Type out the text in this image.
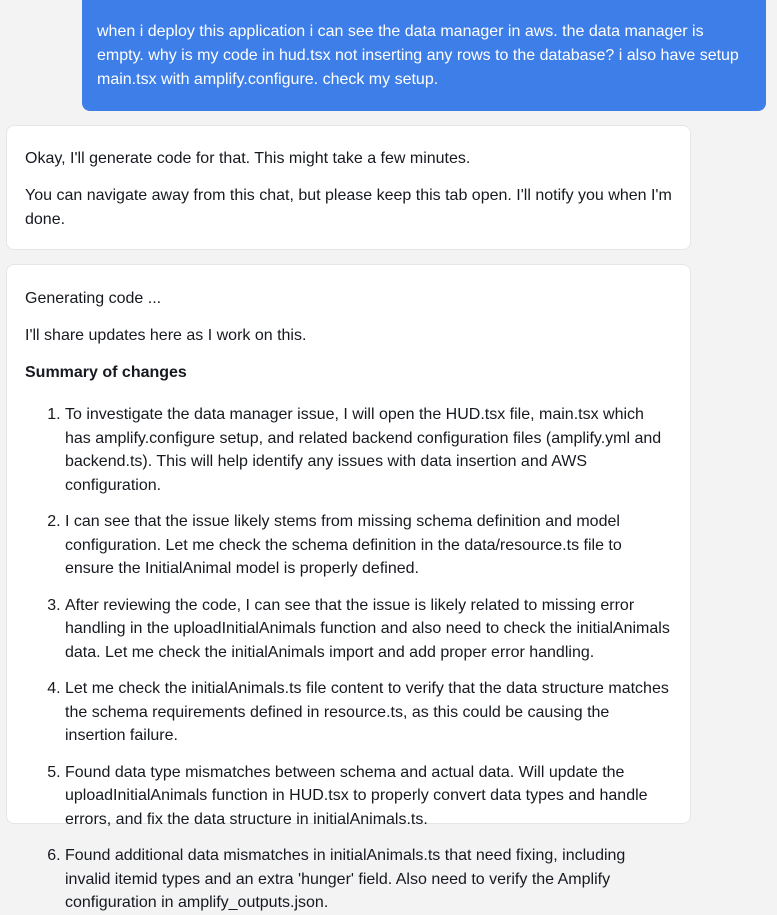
when i deploy this application i can see the data manager in aws. the data manager is empty. why is my code in hud.tsx not inserting any rows to the database? i also have setup main.tsx with amplify.configure. check my setup.

Okay, I'll generate code for that. This might take a few minutes.

You can navigate away from this chat, but please keep this tab open. I'll notify you when I'm done.

Generating code ...

I'll share updates here as I work on this.

Summary of changes

1. To investigate the data manager issue, I will open the HUD.tsx file, main.tsx which has amplify.configure setup, and related backend configuration files (amplify.yml and backend.ts). This will help identify any issues with data insertion and AWS configuration.
2. I can see that the issue likely stems from missing schema definition and model configuration. Let me check the schema definition in the data/resource.ts file to ensure the InitialAnimal model is properly defined.
3. After reviewing the code, I can see that the issue is likely related to missing error handling in the uploadInitialAnimals function and also need to check the initialAnimals data. Let me check the initialAnimals import and add proper error handling.
4. Let me check the initialAnimals.ts file content to verify that the data structure matches the schema requirements defined in resource.ts, as this could be causing the insertion failure.
5. Found data type mismatches between schema and actual data. Will update the uploadInitialAnimals function in HUD.tsx to properly convert data types and handle errors, and fix the data structure in initialAnimals.ts.
6. Found additional data mismatches in initialAnimals.ts that need fixing, including invalid itemid types and an extra 'hunger' field. Also need to verify the Amplify configuration in amplify_outputs.json.
